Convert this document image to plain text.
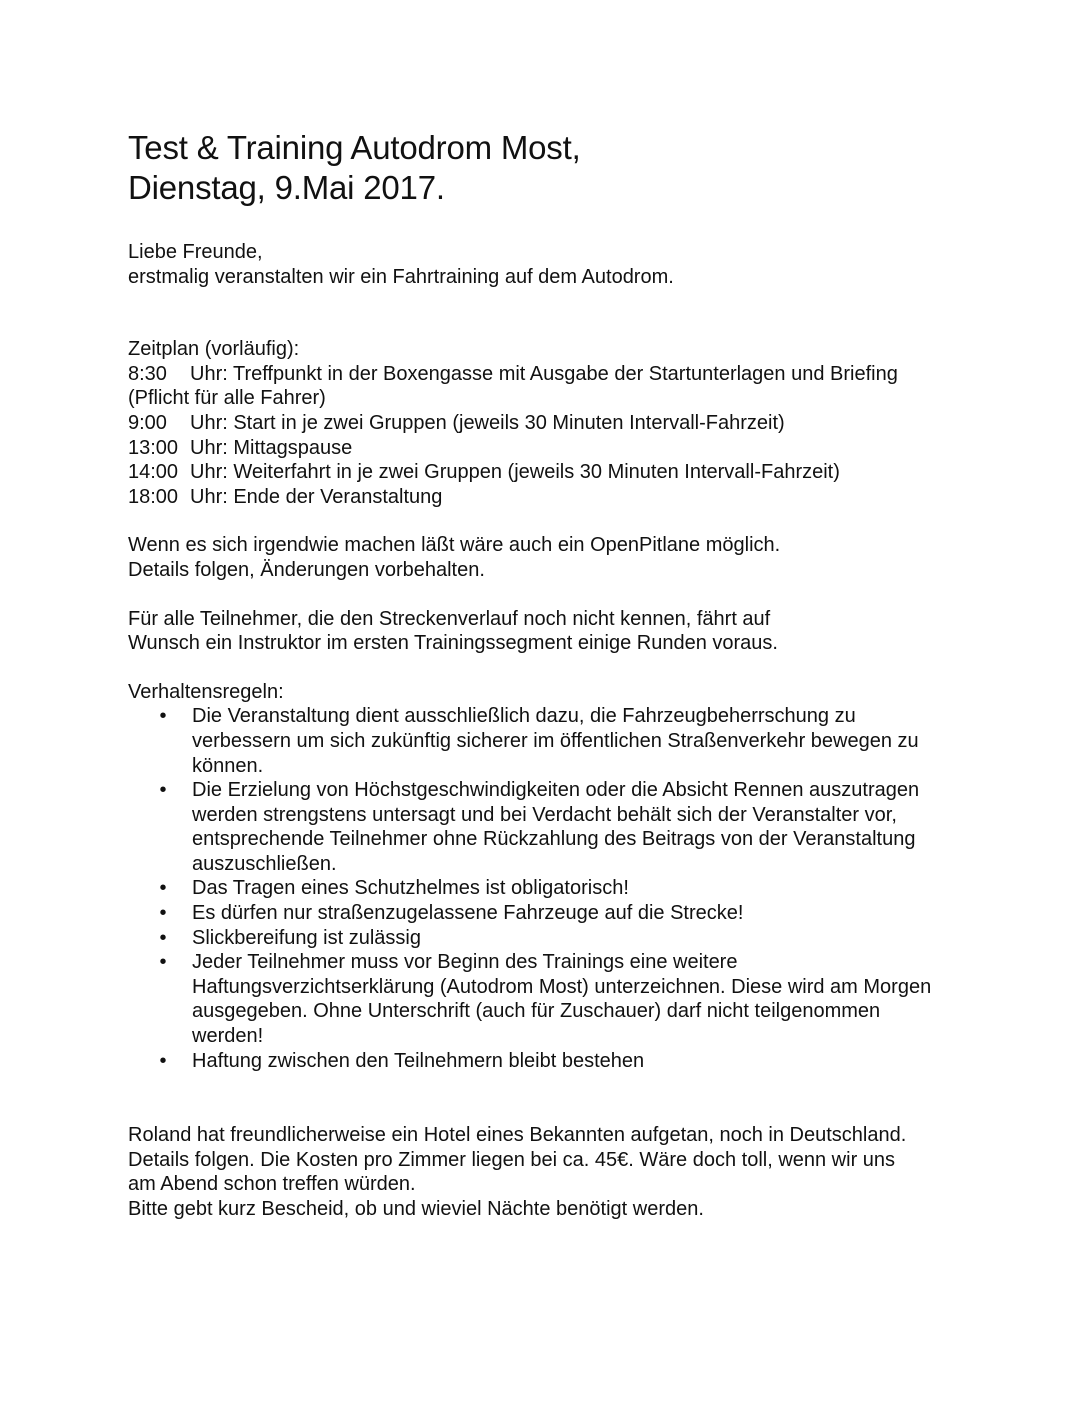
Test & Training Autodrom Most,
Dienstag, 9.Mai 2017.
Liebe Freunde,
erstmalig veranstalten wir ein Fahrtraining auf dem Autodrom.
Zeitplan (vorläufig):
8:30	Uhr: Treffpunkt in der Boxengasse mit Ausgabe der Startunterlagen und Briefing
(Pflicht für alle Fahrer)
9:00	Uhr: Start in je zwei Gruppen (jeweils 30 Minuten Intervall-Fahrzeit)
13:00 Uhr: Mittagspause
14:00 Uhr: Weiterfahrt in je zwei Gruppen (jeweils 30 Minuten Intervall-Fahrzeit)
18:00 Uhr: Ende der Veranstaltung
Wenn es sich irgendwie machen läßt wäre auch ein OpenPitlane möglich.
Details folgen, Änderungen vorbehalten.
Für alle Teilnehmer, die den Streckenverlauf noch nicht kennen, fährt auf
Wunsch ein Instruktor im ersten Trainingssegment einige Runden voraus.
Verhaltensregeln:
• Die Veranstaltung dient ausschließlich dazu, die Fahrzeugbeherrschung zu verbessern um sich zukünftig sicherer im öffentlichen Straßenverkehr bewegen zu können.
• Die Erzielung von Höchstgeschwindigkeiten oder die Absicht Rennen auszutragen werden strengstens untersagt und bei Verdacht behält sich der Veranstalter vor, entsprechende Teilnehmer ohne Rückzahlung des Beitrags von der Veranstaltung auszuschließen.
• Das Tragen eines Schutzhelmes ist obligatorisch!
• Es dürfen nur straßenzugelassene Fahrzeuge auf die Strecke!
• Slickbereifung ist zulässig
• Jeder Teilnehmer muss vor Beginn des Trainings eine weitere Haftungsverzichtserklärung (Autodrom Most) unterzeichnen. Diese wird am Morgen ausgegeben. Ohne Unterschrift (auch für Zuschauer) darf nicht teilgenommen werden!
• Haftung zwischen den Teilnehmern bleibt bestehen
Roland hat freundlicherweise ein Hotel eines Bekannten aufgetan, noch in Deutschland.
Details folgen. Die Kosten pro Zimmer liegen bei ca. 45€. Wäre doch toll, wenn wir uns
am Abend schon treffen würden.
Bitte gebt kurz Bescheid, ob und wieviel Nächte benötigt werden.
